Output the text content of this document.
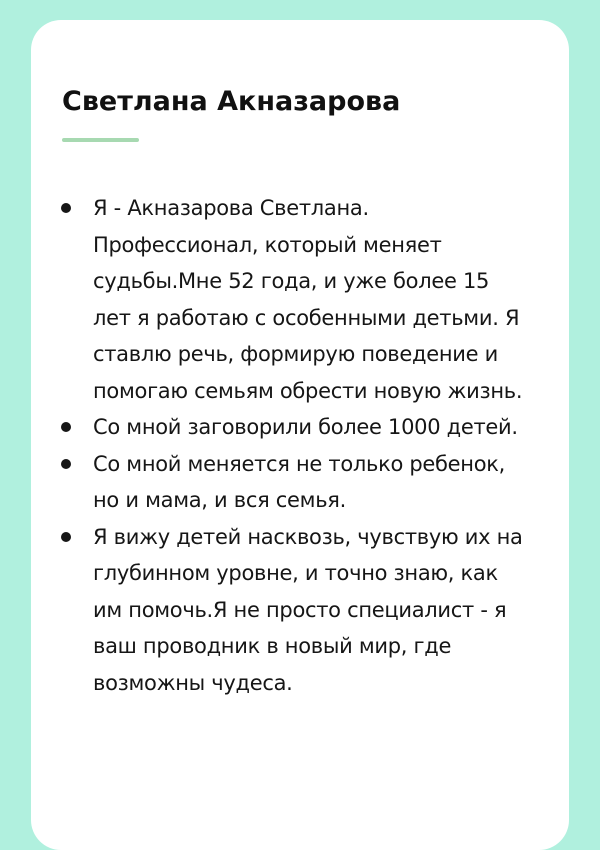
Светлана Акназарова
Я - Акназарова Светлана. Профессионал, который меняет судьбы.Мне 52 года, и уже более 15 лет я работаю с особенными детьми. Я ставлю речь, формирую поведение и помогаю семьям обрести новую жизнь.
Со мной заговорили более 1000 детей.
Со мной меняется не только ребенок, но и мама, и вся семья.
Я вижу детей насквозь, чувствую их на глубинном уровне, и точно знаю, как им помочь.Я не просто специалист - я ваш проводник в новый мир, где возможны чудеса.
